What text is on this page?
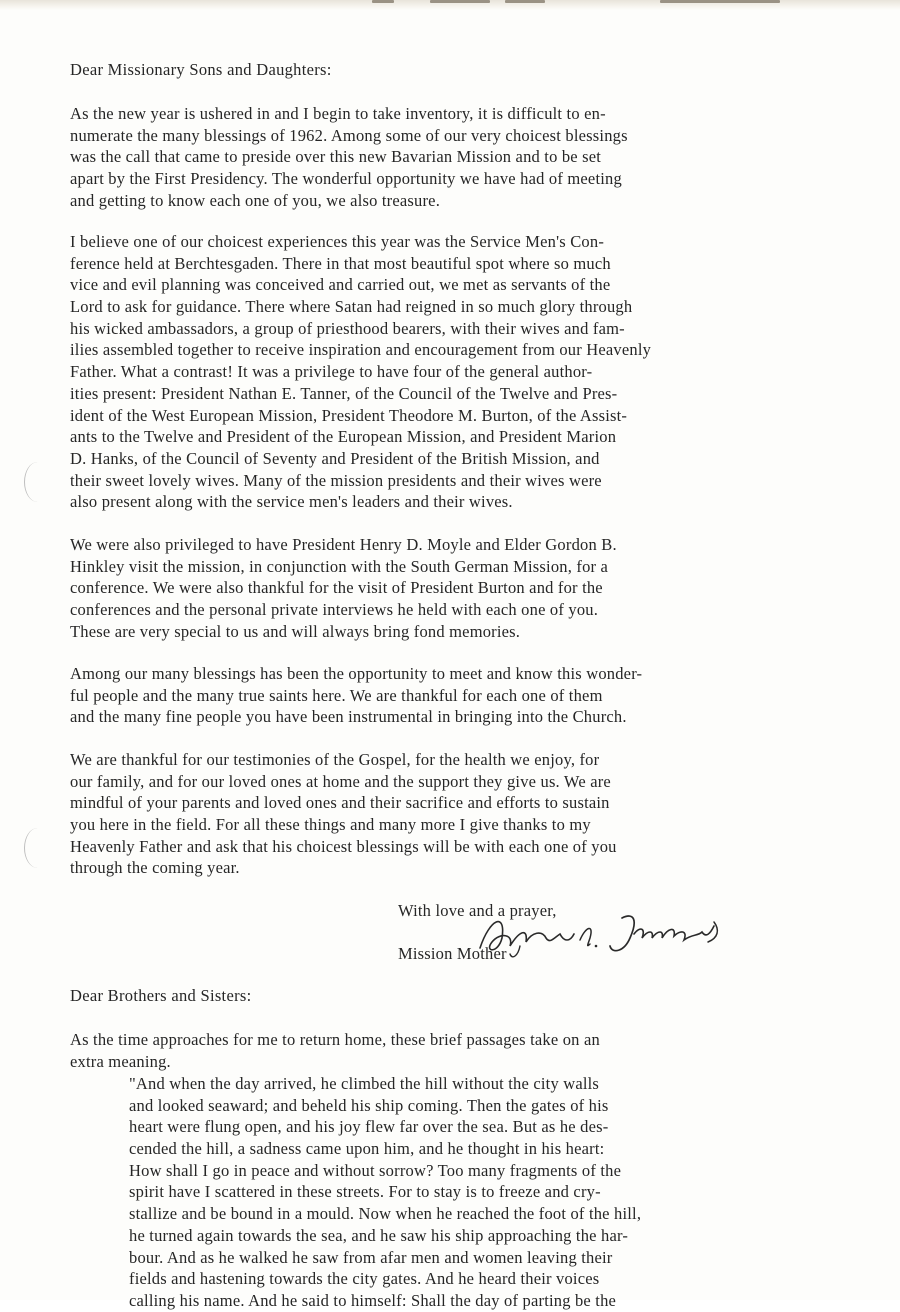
Dear Missionary Sons and Daughters:
As the new year is ushered in and I begin to take inventory, it is difficult to en-
numerate the many blessings of 1962. Among some of our very choicest blessings
was the call that came to preside over this new Bavarian Mission and to be set
apart by the First Presidency. The wonderful opportunity we have had of meeting
and getting to know each one of you, we also treasure.
I believe one of our choicest experiences this year was the Service Men's Con-
ference held at Berchtesgaden. There in that most beautiful spot where so much
vice and evil planning was conceived and carried out, we met as servants of the
Lord to ask for guidance. There where Satan had reigned in so much glory through
his wicked ambassadors, a group of priesthood bearers, with their wives and fam-
ilies assembled together to receive inspiration and encouragement from our Heavenly
Father. What a contrast! It was a privilege to have four of the general author-
ities present: President Nathan E. Tanner, of the Council of the Twelve and Pres-
ident of the West European Mission, President Theodore M. Burton, of the Assist-
ants to the Twelve and President of the European Mission, and President Marion
D. Hanks, of the Council of Seventy and President of the British Mission, and
their sweet lovely wives. Many of the mission presidents and their wives were
also present along with the service men's leaders and their wives.
We were also privileged to have President Henry D. Moyle and Elder Gordon B.
Hinkley visit the mission, in conjunction with the South German Mission, for a
conference. We were also thankful for the visit of President Burton and for the
conferences and the personal private interviews he held with each one of you.
These are very special to us and will always bring fond memories.
Among our many blessings has been the opportunity to meet and know this wonder-
ful people and the many true saints here. We are thankful for each one of them
and the many fine people you have been instrumental in bringing into the Church.
We are thankful for our testimonies of the Gospel, for the health we enjoy, for
our family, and for our loved ones at home and the support they give us. We are
mindful of your parents and loved ones and their sacrifice and efforts to sustain
you here in the field. For all these things and many more I give thanks to my
Heavenly Father and ask that his choicest blessings will be with each one of you
through the coming year.
With love and a prayer,
Mission Mother
Dear Brothers and Sisters:
As the time approaches for me to return home, these brief passages take on an
extra meaning.
"And when the day arrived, he climbed the hill without the city walls
and looked seaward; and beheld his ship coming. Then the gates of his
heart were flung open, and his joy flew far over the sea. But as he des-
cended the hill, a sadness came upon him, and he thought in his heart:
How shall I go in peace and without sorrow? Too many fragments of the
spirit have I scattered in these streets. For to stay is to freeze and cry-
stallize and be bound in a mould. Now when he reached the foot of the hill,
he turned again towards the sea, and he saw his ship approaching the har-
bour. And as he walked he saw from afar men and women leaving their
fields and hastening towards the city gates. And he heard their voices
calling his name. And he said to himself: Shall the day of parting be the
